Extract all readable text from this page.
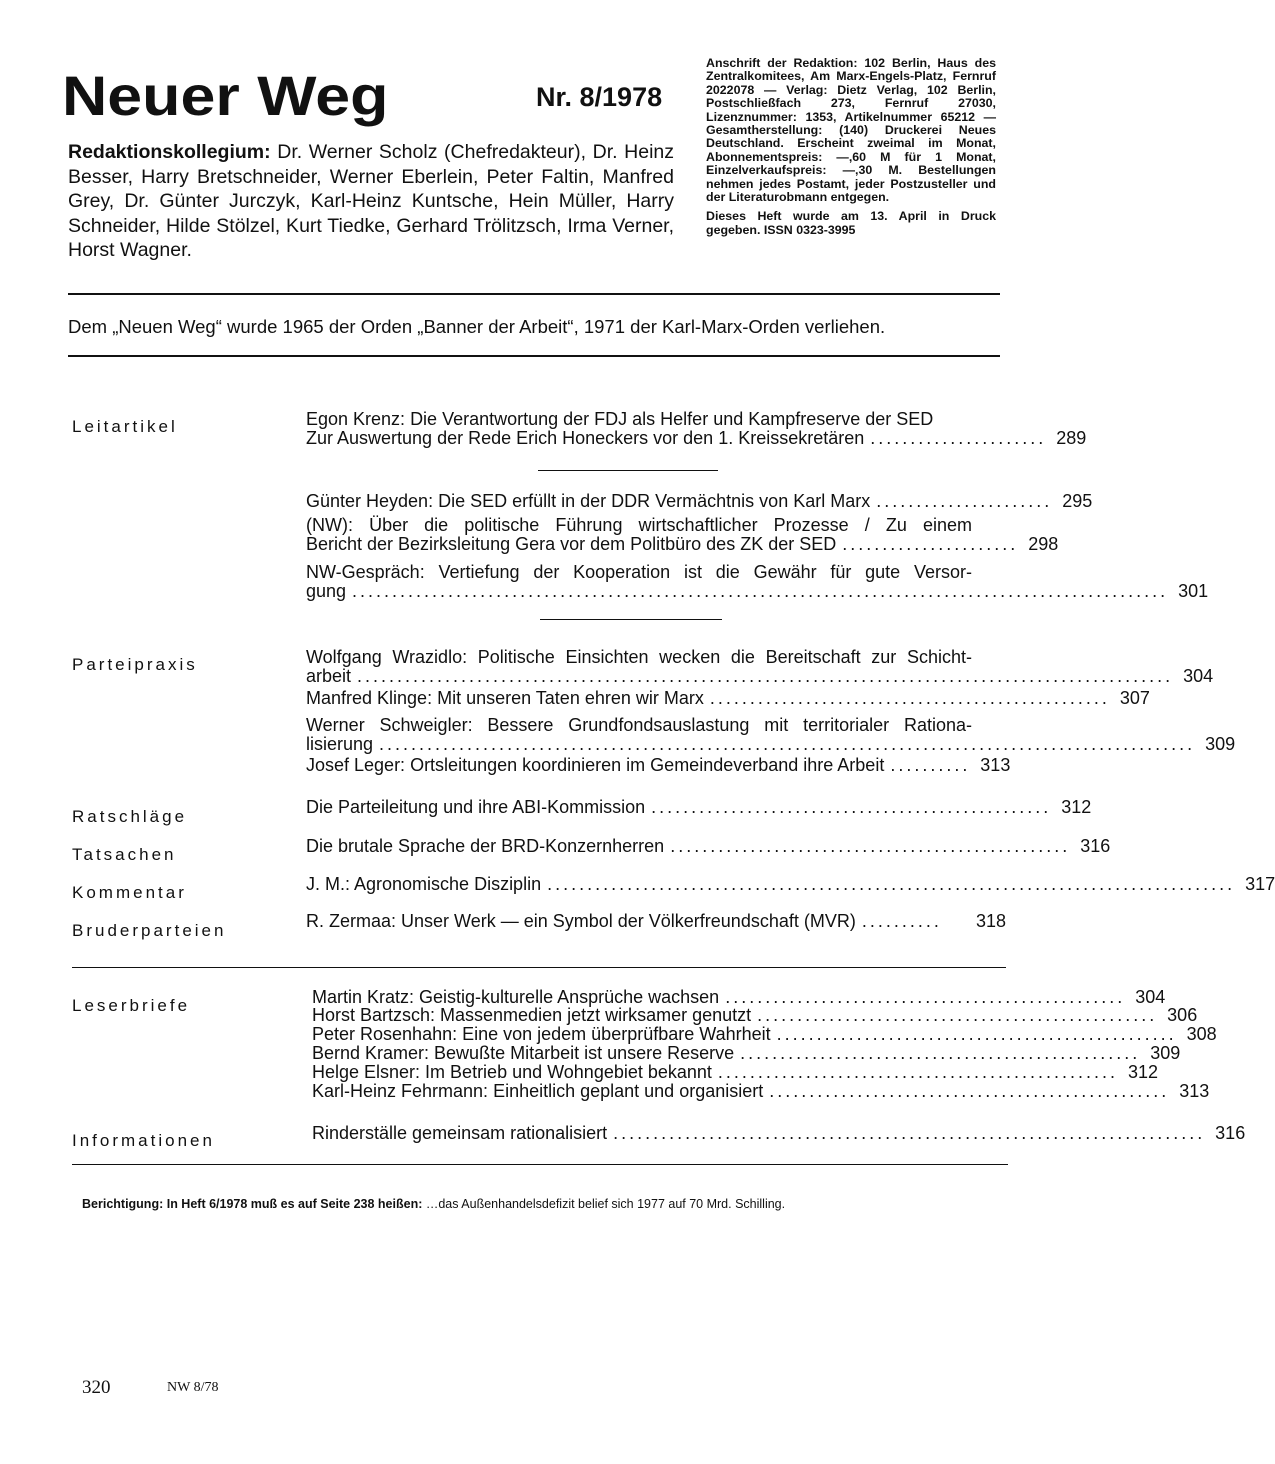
Neuer Weg	Nr. 8/1978
Redaktionskollegium: Dr. Werner Scholz (Chefredakteur), Dr. Heinz Besser, Harry Bretschneider, Werner Eberlein, Peter Faltin, Manfred Grey, Dr. Günter Jurczyk, Karl-Heinz Kuntsche, Hein Müller, Harry Schneider, Hilde Stölzel, Kurt Tiedke, Gerhard Trölitzsch, Irma Verner, Horst Wagner.
Anschrift der Redaktion: 102 Berlin, Haus des Zentralkomitees, Am Marx-Engels-Platz, Fernruf 2022078 — Verlag: Dietz Verlag, 102 Berlin, Postschließfach 273, Fernruf 27030, Lizenznummer: 1353, Artikelnummer 65212 — Gesamtherstellung: (140) Druckerei Neues Deutschland. Erscheint zweimal im Monat, Abonnementspreis: —,60 M für 1 Monat, Einzelverkaufspreis: —,30 M. Bestellungen nehmen jedes Postamt, jeder Postzusteller und der Literaturobmann entgegen.
Dieses Heft wurde am 13. April in Druck gegeben. ISSN 0323-3995
Dem „Neuen Weg“ wurde 1965 der Orden „Banner der Arbeit“, 1971 der Karl-Marx-Orden verliehen.
Leitartikel	Egon Krenz: Die Verantwortung der FDJ als Helfer und Kampfreserve der SED
Zur Auswertung der Rede Erich Honeckers vor den 1. Kreissekretären ...................... 289
Günter Heyden: Die SED erfüllt in der DDR Vermächtnis von Karl Marx ...................... 295
(NW): Über die politische Führung wirtschaftlicher Prozesse / Zu einem
Bericht der Bezirksleitung Gera vor dem Politbüro des ZK der SED ...................... 298
NW-Gespräch: Vertiefung der Kooperation ist die Gewähr für gute Versor-
gung ...................................................................................................... 301
Parteipraxis	Wolfgang Wrazidlo: Politische Einsichten wecken die Bereitschaft zur Schicht-
arbeit ...................................................................................................... 304
Manfred Klinge: Mit unseren Taten ehren wir Marx .................................................. 307
Werner Schweigler: Bessere Grundfondsauslastung mit territorialer Rationa-
lisierung ...................................................................................................... 309
Josef Leger: Ortsleitungen koordinieren im Gemeindeverband ihre Arbeit .......... 313
Ratschläge	Die Parteileitung und ihre ABI-Kommission .................................................. 312
Tatsachen	Die brutale Sprache der BRD-Konzernherren .................................................. 316
Kommentar	J. M.: Agronomische Disziplin ...................................................................................... 317
Bruderparteien	R. Zermaa: Unser Werk — ein Symbol der Völkerfreundschaft (MVR) ..........	318
Leserbriefe	Martin Kratz: Geistig-kulturelle Ansprüche wachsen .................................................. 304
Horst Bartzsch: Massenmedien jetzt wirksamer genutzt .................................................. 306
Peter Rosenhahn: Eine von jedem überprüfbare Wahrheit .................................................. 308
Bernd Kramer: Bewußte Mitarbeit ist unsere Reserve .................................................. 309
Helge Elsner: Im Betrieb und Wohngebiet bekannt .................................................. 312
Karl-Heinz Fehrmann: Einheitlich geplant und organisiert .................................................. 313
Informationen	Rinderställe gemeinsam rationalisiert .......................................................................... 316
Berichtigung: In Heft 6/1978 muß es auf Seite 238 heißen: …das Außenhandelsdefizit belief sich 1977 auf 70 Mrd. Schilling.
320	NW 8/78
